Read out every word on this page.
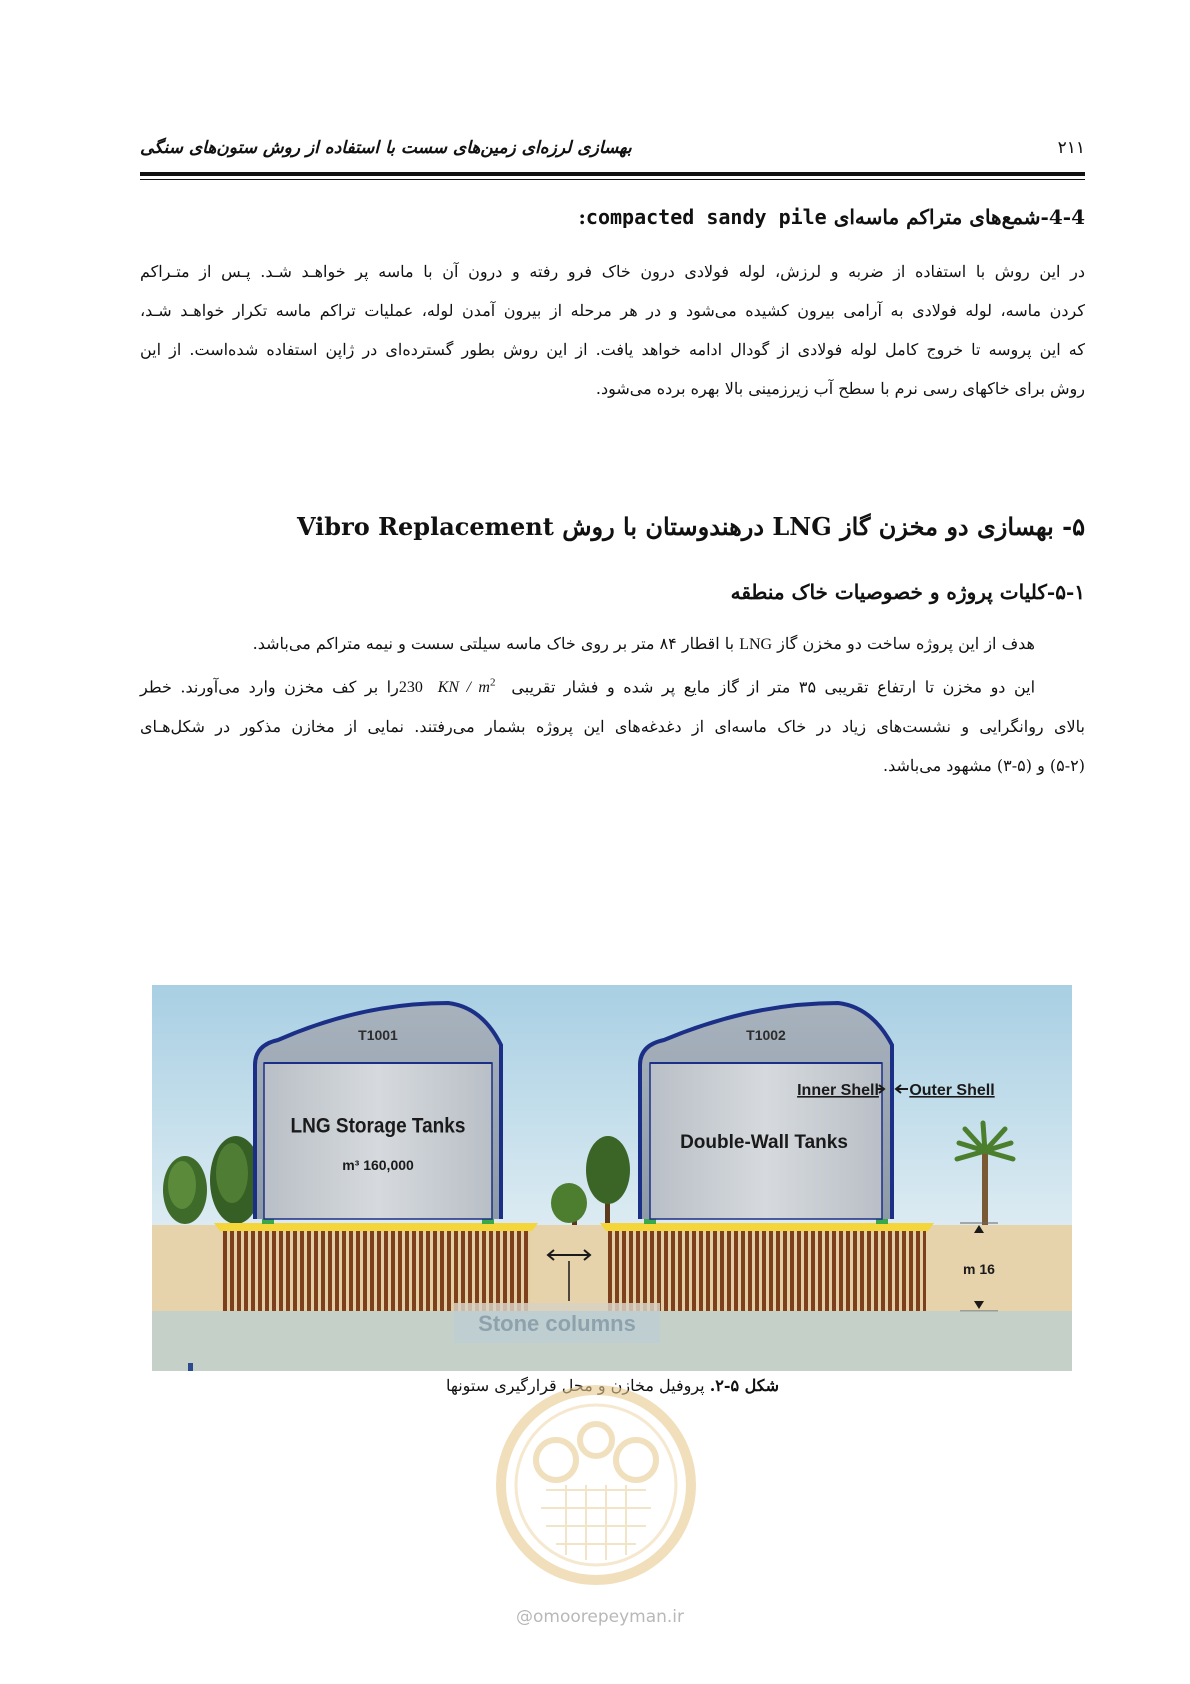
۲۱۱
بهسازی لرزه‌ای زمین‌های سست با استفاده از روش ستون‌های سنگی
4-4-شمع‌های متراکم ماسه‌ای compacted sandy pile:

در این روش با استفاده از ضربه و لرزش، لوله فولادی درون خاک فرو رفته و درون آن با ماسه پر خواهـد شـد. پـس از متـراکم

کردن ماسه، لوله فولادی به آرامی بیرون کشیده می‌شود و در هر مرحله از بیرون آمدن لوله، عملیات تراکم ماسه تکرار خواهـد شـد،

که این پروسه تا خروج کامل لوله فولادی از گودال ادامه خواهد یافت. از این روش بطور گسترده‌ای در ژاپن استفاده شده‌است. از این

روش برای خاکهای رسی نرم با سطح آب زیرزمینی بالا بهره برده می‌شود.

۵- بهسازی دو مخزن گاز LNG درهندوستان با روش Vibro Replacement
۵-۱-کلیات پروژه و خصوصیات خاک منطقه

هدف از این پروژه ساخت دو مخزن گاز LNG با اقطار ۸۴ متر بر روی خاک ماسه سیلتی سست و نیمه متراکم می‌باشد.

این دو مخزن تا ارتفاع تقریبی ۳۵ متر از گاز مایع پر شده و فشار تقریبی 230 KN / $m^2$ را بر کف مخزن وارد می‌آورند. خطر

بالای روانگرایی و نشست‌های زیاد در خاک ماسه‌ای از دغدغه‌های این پروژه بشمار می‌رفتند. نمایی از مخازن مذکور در شکل‌هـای

(۵-۲) و (۵-۳) مشهود می‌باشد.

T1001	T1002
LNG Storage Tanks
160,000 m³
Double-Wall Tanks
Inner Shell Outer Shell
16 m
شکل ۵-۲. پروفیل مخازن و محل قرارگیری ستونها
@omoorepeyman.ir
